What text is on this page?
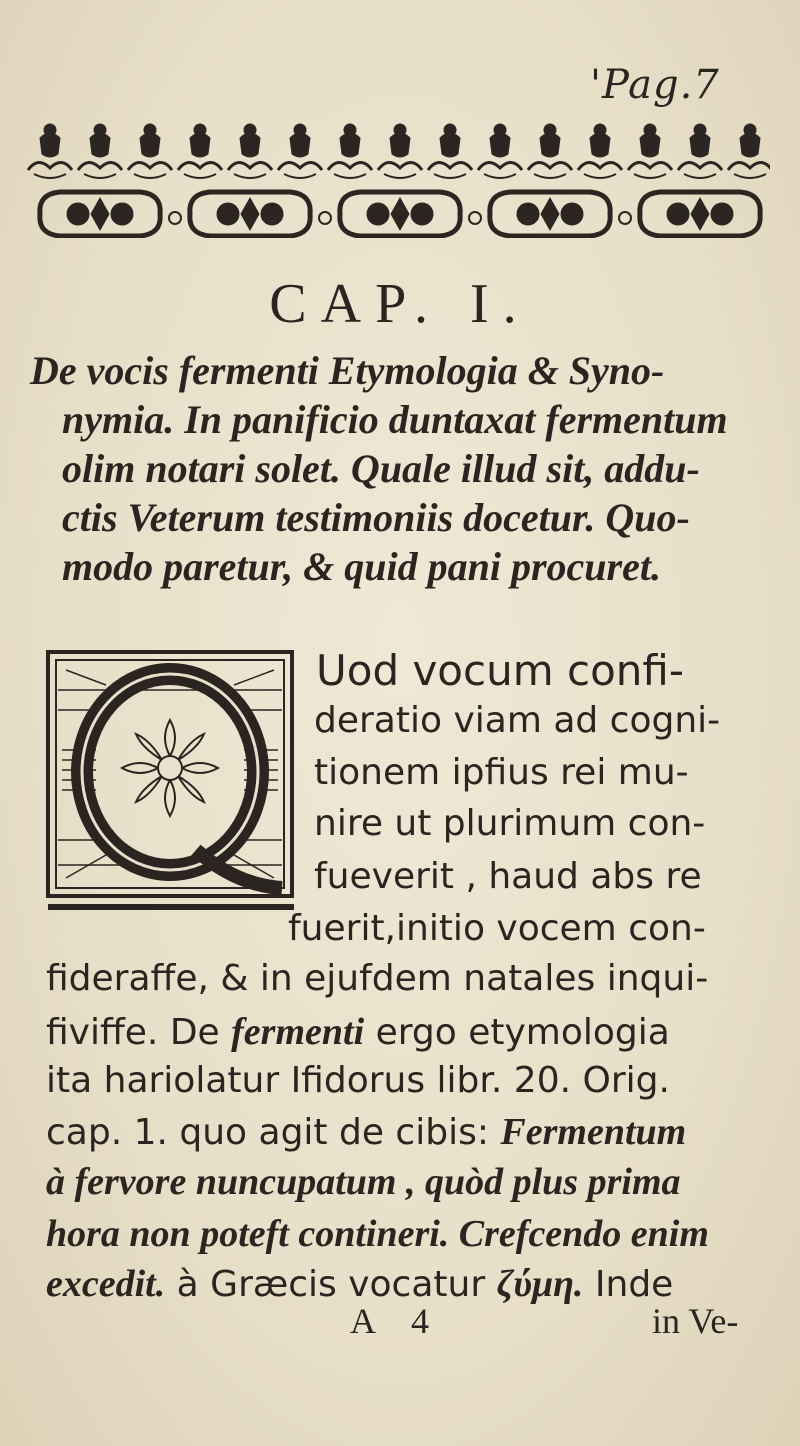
'Pag.7
CAP. I.
De vocis fermenti Etymologia & Syno-
nymia. In panificio duntaxat fermentum
olim notari solet. Quale illud sit, addu-
ctis Veterum testimoniis docetur. Quo-
modo paretur, & quid pani procuret.
Uod vocum confi-
deratio viam ad cogni-
tionem ipfius rei mu-
nire ut plurimum con-
fueverit , haud abs re
fuerit,initio vocem con-
fideraffe, & in ejufdem natales inqui-
fiviffe. De fermenti ergo etymologia
ita hariolatur Ifidorus libr. 20. Orig.
cap. 1. quo agit de cibis: Fermentum
à fervore nuncupatum , quòd plus prima
hora non poteft contineri. Crefcendo enim
excedit. à Græcis vocatur ζύμη. Inde
A 4	in Ve-
